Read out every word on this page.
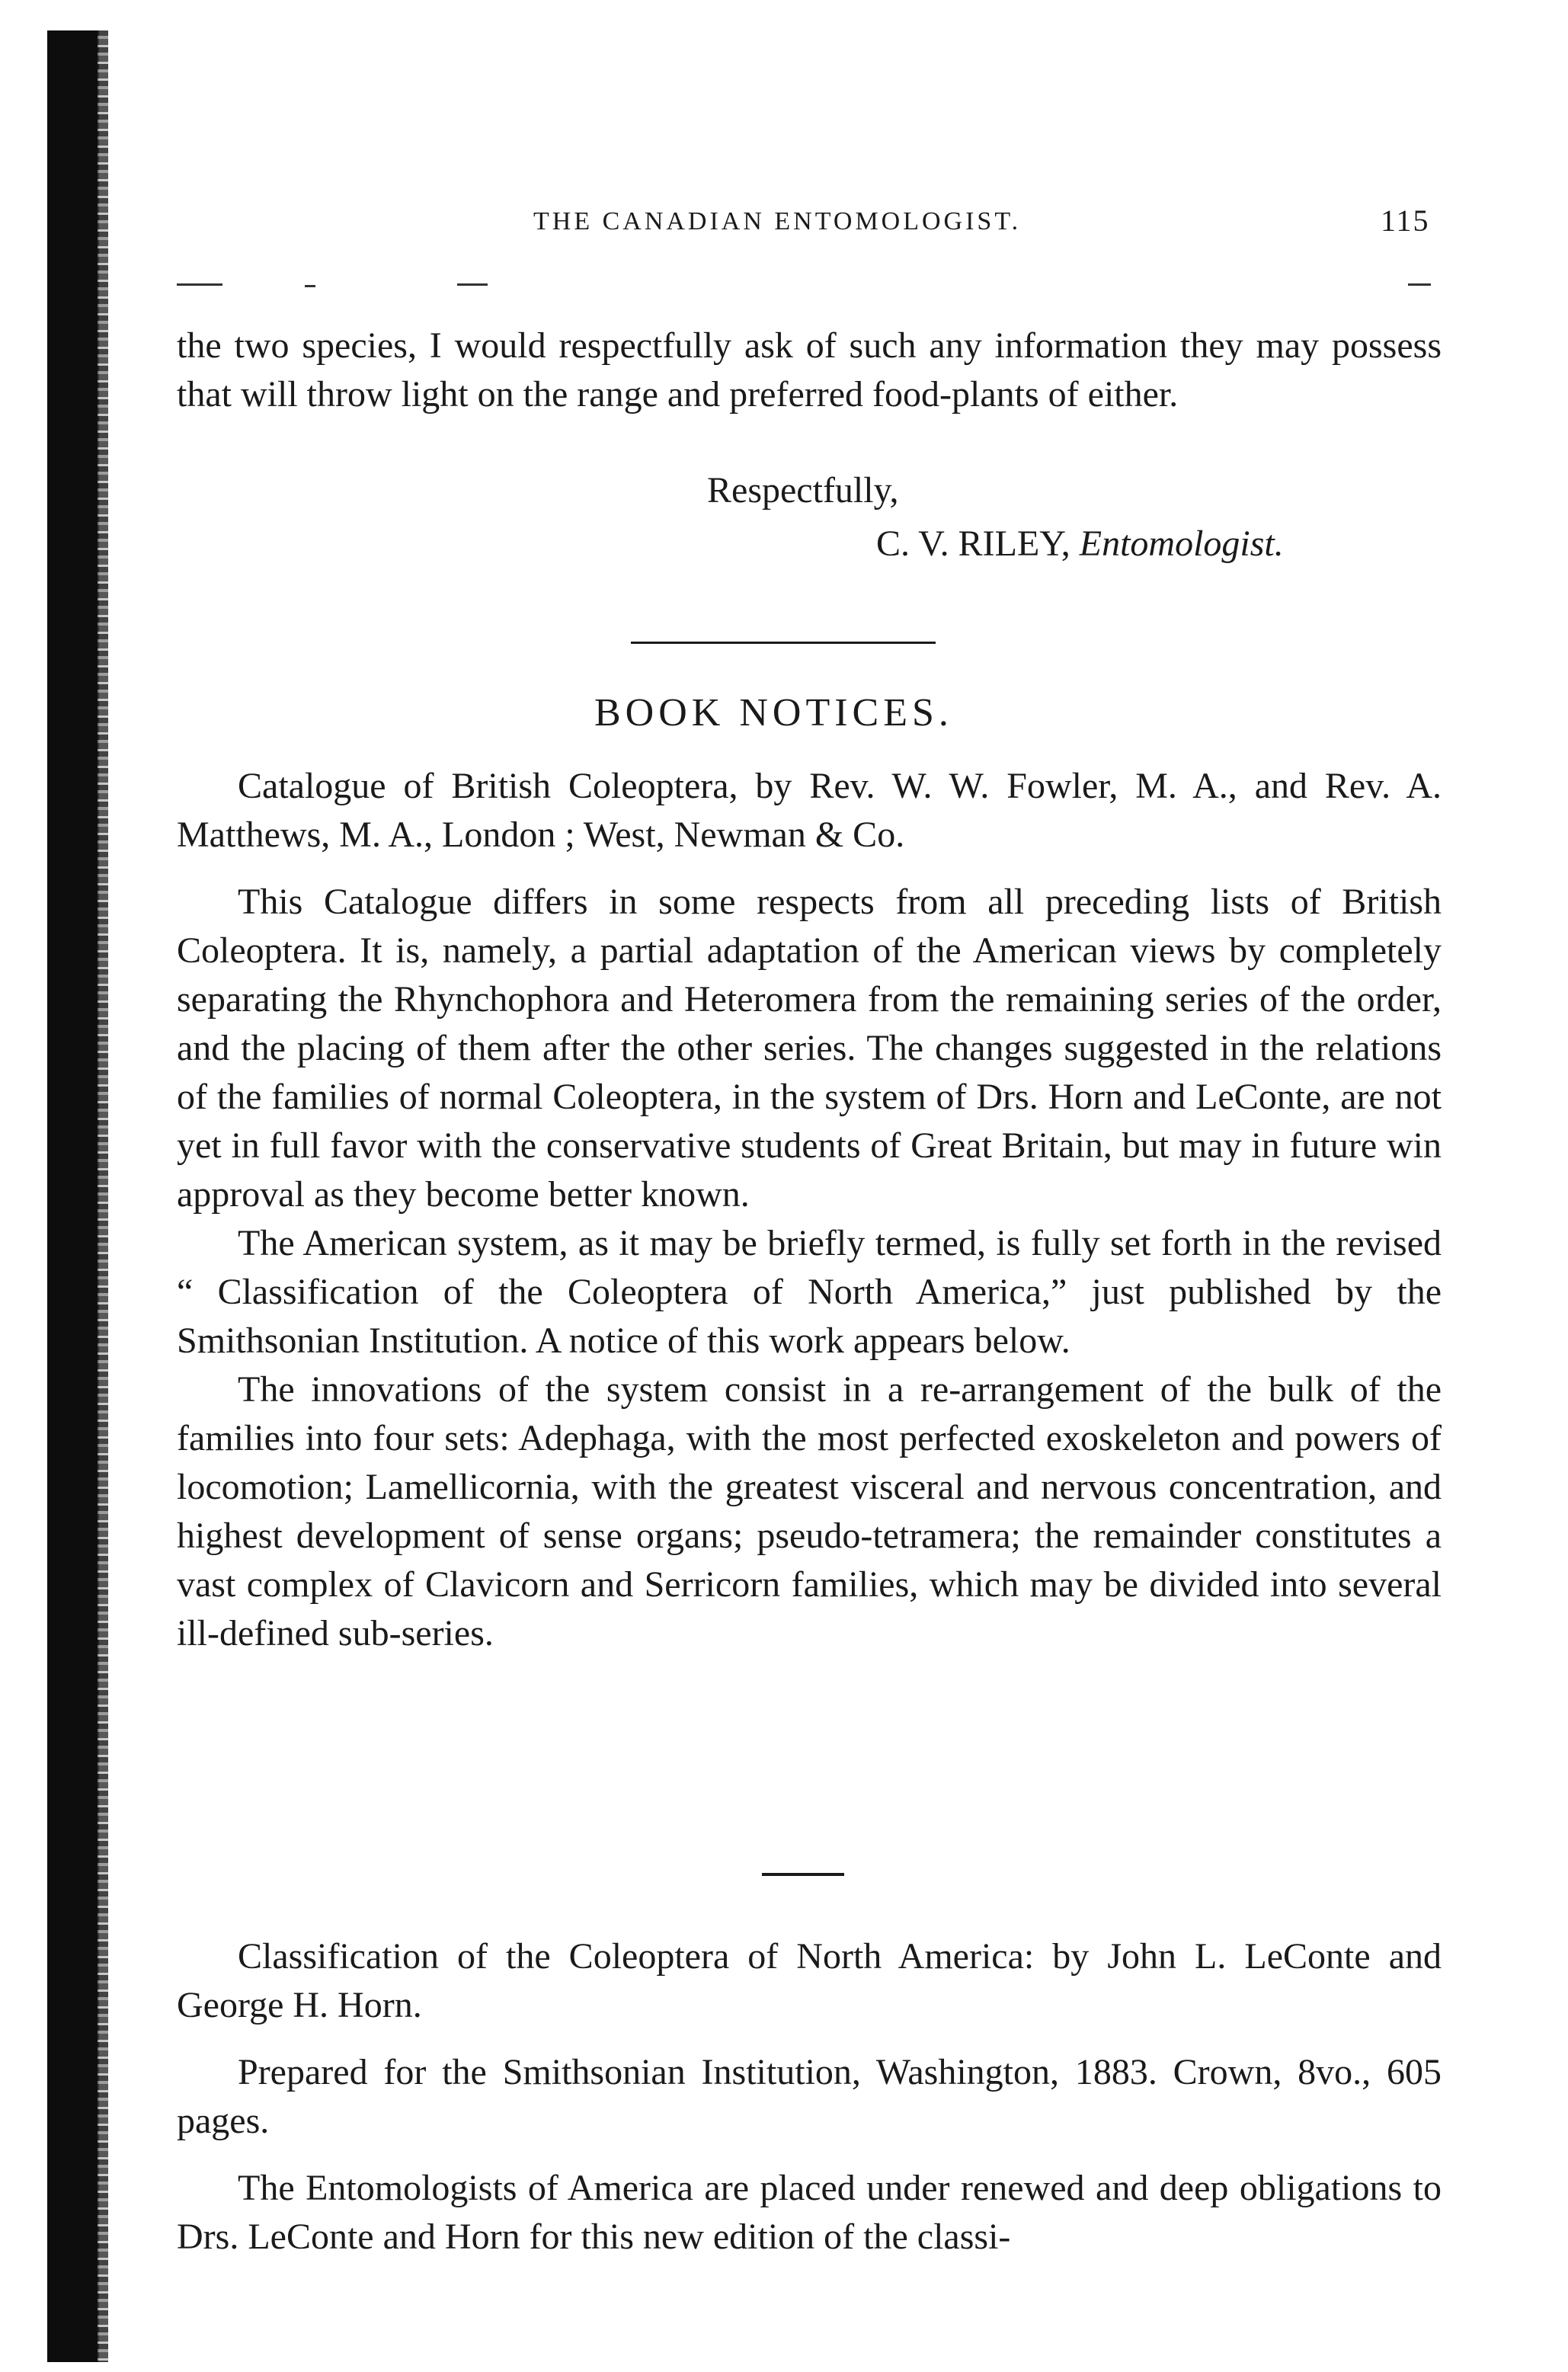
THE CANADIAN ENTOMOLOGIST.	115

the two species, I would respectfully ask of such any information they may possess that will throw light on the range and preferred food-plants of either.

Respectfully,
C. V. RILEY, Entomologist.
BOOK NOTICES.

Catalogue of British Coleoptera, by Rev. W. W. Fowler, M. A., and Rev. A. Matthews, M. A., London ; West, Newman & Co.

This Catalogue differs in some respects from all preceding lists of British Coleoptera. It is, namely, a partial adaptation of the American views by completely separating the Rhynchophora and Heteromera from the remaining series of the order, and the placing of them after the other series. The changes suggested in the relations of the families of normal Coleoptera, in the system of Drs. Horn and LeConte, are not yet in full favor with the conservative students of Great Britain, but may in future win approval as they become better known.

The American system, as it may be briefly termed, is fully set forth in the revised “ Classification of the Coleoptera of North America,” just published by the Smithsonian Institution. A notice of this work appears below.

The innovations of the system consist in a re-arrangement of the bulk of the families into four sets: Adephaga, with the most perfected exoskeleton and powers of locomotion; Lamellicornia, with the greatest visceral and nervous concentration, and highest development of sense organs; pseudo-tetramera; the remainder constitutes a vast complex of Clavicorn and Serricorn families, which may be divided into several ill-defined sub-series.

Classification of the Coleoptera of North America: by John L. LeConte and George H. Horn.

Prepared for the Smithsonian Institution, Washington, 1883. Crown, 8vo., 605 pages.

The Entomologists of America are placed under renewed and deep obligations to Drs. LeConte and Horn for this new edition of the classi-
